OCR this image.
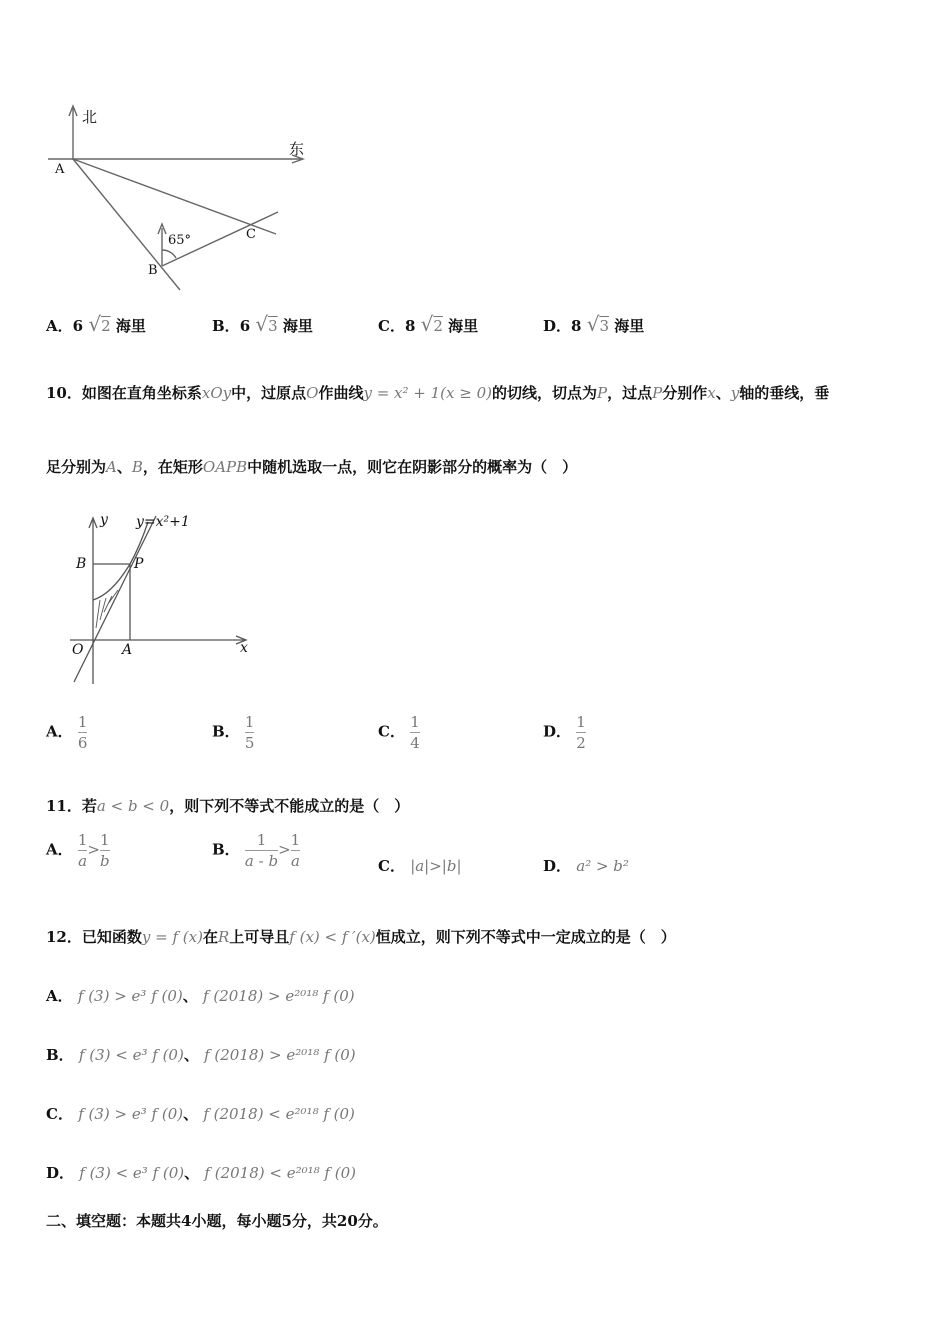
北
东
A
B
C
65°
A．6 √2 海里	B．6 √3 海里	C．8 √2 海里	D．8 √3 海里
10．如图在直角坐标系xOy中，过原点O作曲线y = x² + 1(x ≥ 0)的切线，切点为P，过点P分别作x、y轴的垂线，垂
足分别为A、B，在矩形OAPB中随机选取一点，则它在阴影部分的概率为（　）
y=x²+1
y
x
B	P
O	A
A． $\frac{1}{6}$	B． $\frac{1}{5}$	C． $\frac{1}{4}$	D． $\frac{1}{2}$
11．若a < b < 0，则下列不等式不能成立的是（　）
A． $\frac{1}{a} > \frac{1}{b}$	B． $\frac{1}{a - b} > \frac{1}{a}$	C． |a|>|b|	D． a² > b²
12．已知函数y = f (x)在R上可导且f (x) < f ′(x)恒成立，则下列不等式中一定成立的是（　）
A． f (3) > e³ f (0)、 f (2018) > e²⁰¹⁸ f (0)
B． f (3) < e³ f (0)、 f (2018) > e²⁰¹⁸ f (0)
C． f (3) > e³ f (0)、 f (2018) < e²⁰¹⁸ f (0)
D． f (3) < e³ f (0)、 f (2018) < e²⁰¹⁸ f (0)
二、填空题：本题共4小题，每小题5分，共20分。
